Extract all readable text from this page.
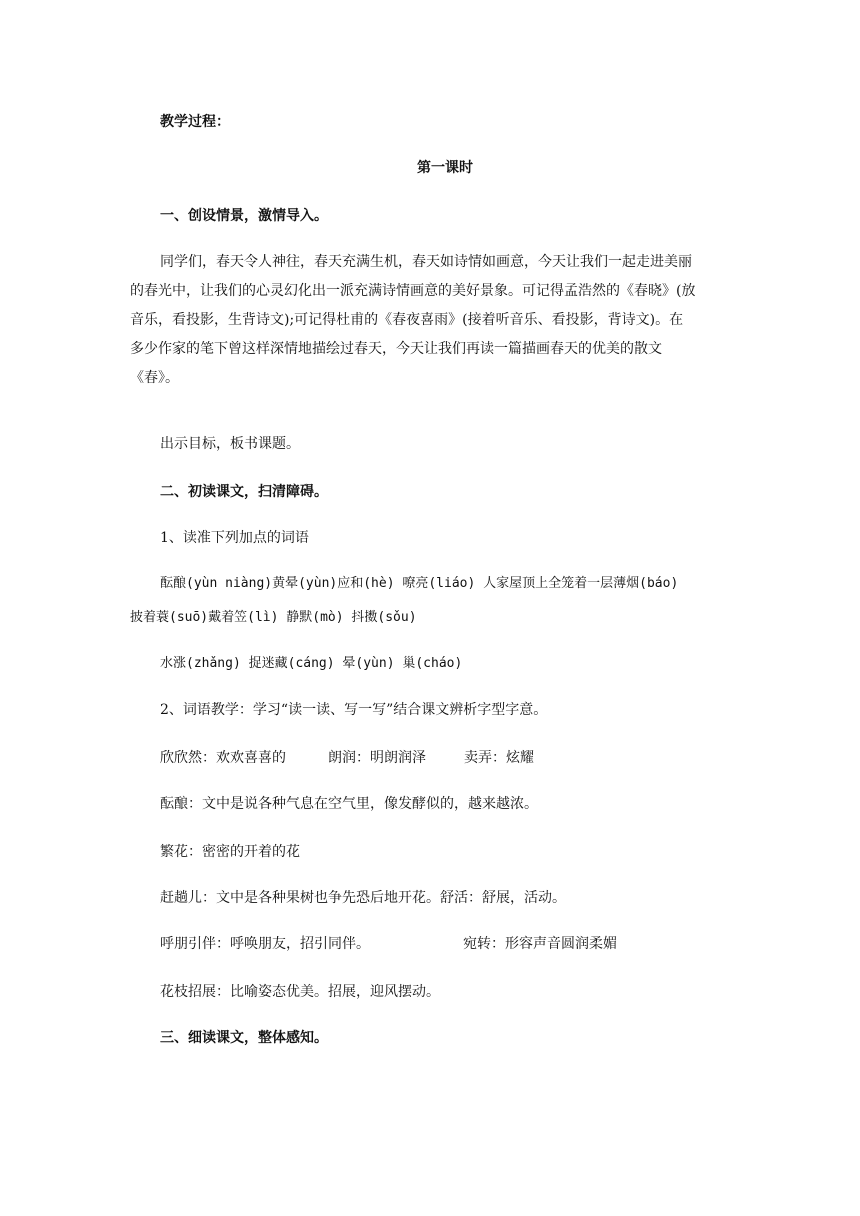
教学过程：
第一课时
一、创设情景，激情导入。
同学们，春天令人神往，春天充满生机，春天如诗情如画意，今天让我们一起走进美丽
的春光中，让我们的心灵幻化出一派充满诗情画意的美好景象。可记得孟浩然的《春晓》(放
音乐，看投影，生背诗文);可记得杜甫的《春夜喜雨》(接着听音乐、看投影，背诗文)。在
多少作家的笔下曾这样深情地描绘过春天，今天让我们再读一篇描画春天的优美的散文
《春》。
出示目标，板书课题。
二、初读课文，扫清障碍。
1、读准下列加点的词语
酝酿(yùn niàng)黄晕(yùn)应和(hè) 嘹亮(liáo) 人家屋顶上全笼着一层薄烟(báo)
披着蓑(suō)戴着笠(lì) 静默(mò) 抖擞(sǒu)
水涨(zhǎng) 捉迷藏(cáng) 晕(yùn) 巢(cháo)
2、词语教学：学习“读一读、写一写”结合课文辨析字型字意。
欣欣然：欢欢喜喜的	朗润：明朗润泽	卖弄：炫耀
酝酿：文中是说各种气息在空气里，像发酵似的，越来越浓。
繁花：密密的开着的花
赶趟儿：文中是各种果树也争先恐后地开花。舒活：舒展，活动。
呼朋引伴：呼唤朋友，招引同伴。	宛转：形容声音圆润柔媚
花枝招展：比喻姿态优美。招展，迎风摆动。
三、细读课文，整体感知。
